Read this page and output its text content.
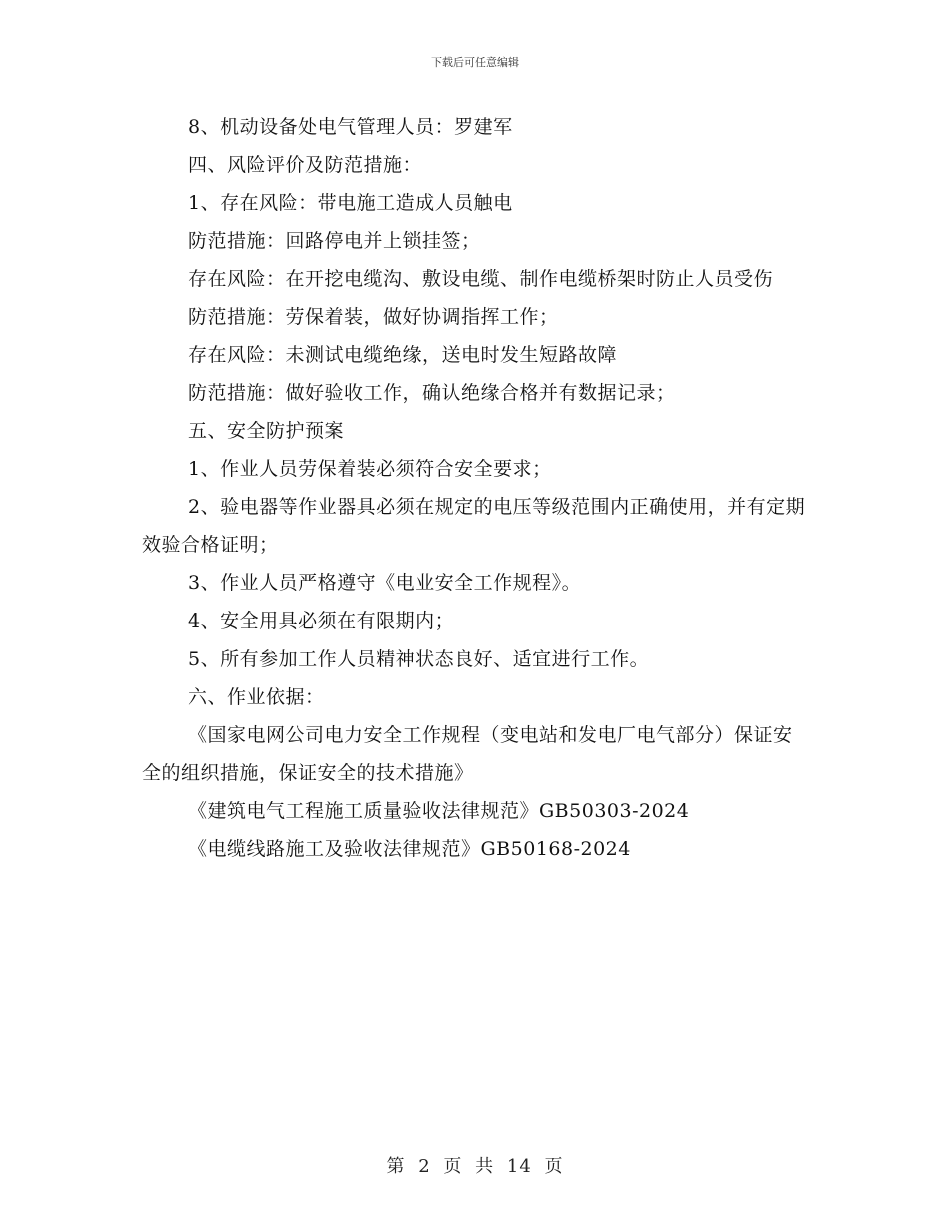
下载后可任意编辑

8、机动设备处电气管理人员：罗建军

四、风险评价及防范措施：

1、存在风险：带电施工造成人员触电

防范措施：回路停电并上锁挂签；

存在风险：在开挖电缆沟、敷设电缆、制作电缆桥架时防止人员受伤

防范措施：劳保着装，做好协调指挥工作；

存在风险：未测试电缆绝缘，送电时发生短路故障

防范措施：做好验收工作，确认绝缘合格并有数据记录；

五、安全防护预案

1、作业人员劳保着装必须符合安全要求；

2、验电器等作业器具必须在规定的电压等级范围内正确使用，并有定期效验合格证明；

3、作业人员严格遵守《电业安全工作规程》。

4、安全用具必须在有限期内；

5、所有参加工作人员精神状态良好、适宜进行工作。

六、作业依据：

《国家电网公司电力安全工作规程（变电站和发电厂电气部分）保证安全的组织措施，保证安全的技术措施》

《建筑电气工程施工质量验收法律规范》GB50303-2024

《电缆线路施工及验收法律规范》GB50168-2024

第 2 页 共 14 页
